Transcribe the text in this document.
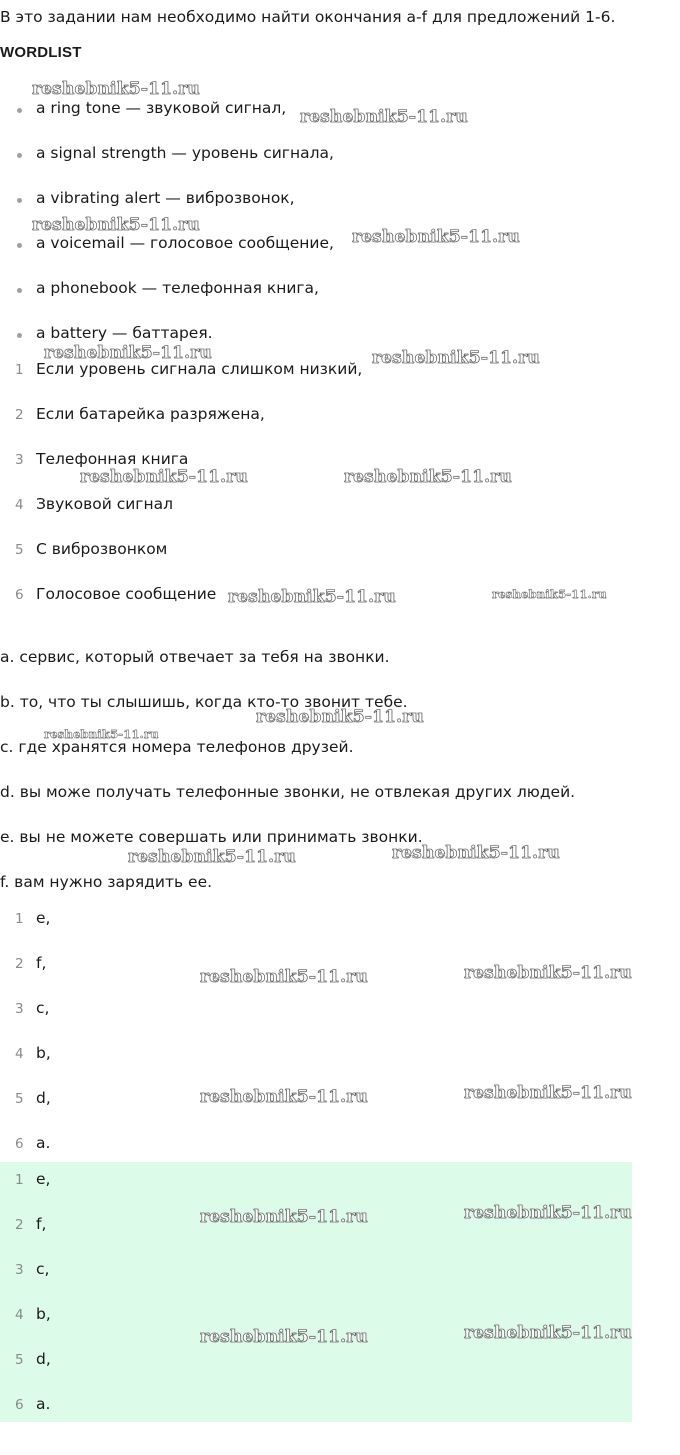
В это задании нам необходимо найти окончания a-f для предложений 1-6.
WORDLIST
a ring tone — звуковой сигнал,
a signal strength — уровень сигнала,
a vibrating alert — виброзвонок,
a voicemail — голосовое сообщение,
a phonebook — телефонная книга,
a battery — баттарея.
1 Если уровень сигнала слишком низкий,
2 Если батарейка разряжена,
3 Телефонная книга
4 Звуковой сигнал
5 С виброзвонком
6 Голосовое сообщение
a. сервис, который отвечает за тебя на звонки.
b. то, что ты слышишь, когда кто-то звонит тебе.
c. где хранятся номера телефонов друзей.
d. вы може получать телефонные звонки, не отвлекая других людей.
e. вы не можете совершать или принимать звонки.
f. вам нужно зарядить ее.
1 e,
2 f,
3 c,
4 b,
5 d,
6 a.
1 e,
2 f,
3 c,
4 b,
5 d,
6 a.
reshebnik5-11.ru
reshebnik5-11.ru
reshebnik5-11.ru
reshebnik5-11.ru
reshebnik5-11.ru	reshebnik5-11.ru
reshebnik5-11.ru	reshebnik5-11.ru
reshebnik5-11.ru	reshebnik5-11.ru
reshebnik5-11.ru
reshebnik5-11.ru
reshebnik5-11.ru	reshebnik5-11.ru
reshebnik5-11.ru	reshebnik5-11.ru
reshebnik5-11.ru	reshebnik5-11.ru
reshebnik5-11.ru	reshebnik5-11.ru
reshebnik5-11.ru	reshebnik5-11.ru
